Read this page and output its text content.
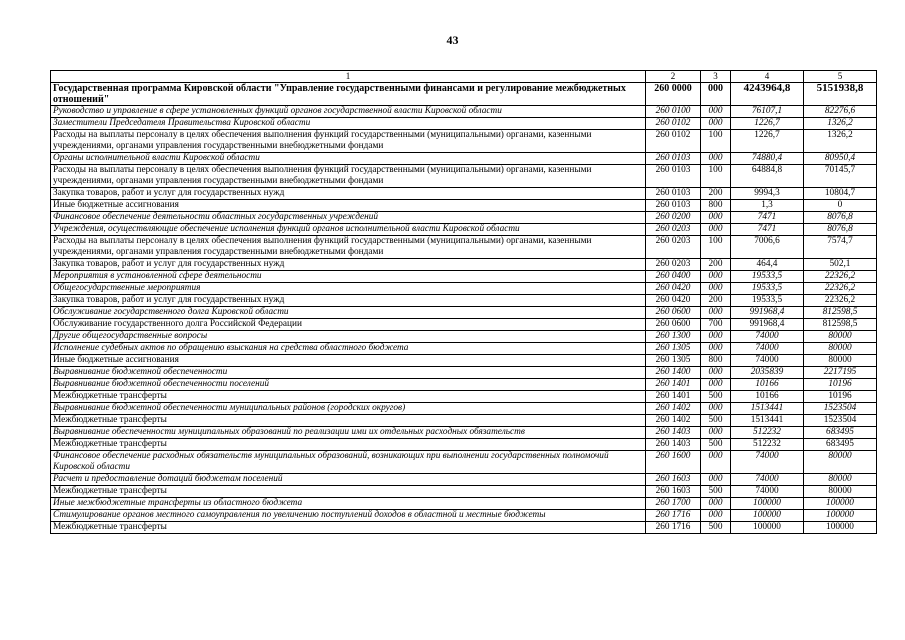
43
1	2	3	4	5
Государственная программа Кировской области "Управление государственными финансами и регулирование межбюджетных отношений"	260 0000	000	4243964,8	5151938,8
Руководство и управление в сфере установленных функций органов государственной власти Кировской области	260 0100	000	76107,1	82276,6
Заместители Председателя Правительства Кировской области	260 0102	000	1226,7	1326,2
Расходы на выплаты персоналу в целях обеспечения выполнения функций государственными (муниципальными) органами, казенными учреждениями, органами управления государственными внебюджетными фондами	260 0102	100	1226,7	1326,2
Органы исполнительной власти Кировской области	260 0103	000	74880,4	80950,4
Расходы на выплаты персоналу в целях обеспечения выполнения функций государственными (муниципальными) органами, казенными учреждениями, органами управления государственными внебюджетными фондами	260 0103	100	64884,8	70145,7
Закупка товаров, работ и услуг для государственных нужд	260 0103	200	9994,3	10804,7
Иные бюджетные ассигнования	260 0103	800	1,3	0
Финансовое обеспечение деятельности областных государственных учреждений	260 0200	000	7471	8076,8
Учреждения, осуществляющие обеспечение исполнения функций органов исполнительной власти Кировской области	260 0203	000	7471	8076,8
Расходы на выплаты персоналу в целях обеспечения выполнения функций государственными (муниципальными) органами, казенными учреждениями, органами управления государственными внебюджетными фондами	260 0203	100	7006,6	7574,7
Закупка товаров, работ и услуг для государственных нужд	260 0203	200	464,4	502,1
Мероприятия в установленной сфере деятельности	260 0400	000	19533,5	22326,2
Общегосударственные мероприятия	260 0420	000	19533,5	22326,2
Закупка товаров, работ и услуг для государственных нужд	260 0420	200	19533,5	22326,2
Обслуживание государственного долга Кировской области	260 0600	000	991968,4	812598,5
Обслуживание государственного долга Российской Федерации	260 0600	700	991968,4	812598,5
Другие общегосударственные вопросы	260 1300	000	74000	80000
Исполнение судебных актов по обращению взыскания на средства областного бюджета	260 1305	000	74000	80000
Иные бюджетные ассигнования	260 1305	800	74000	80000
Выравнивание бюджетной обеспеченности	260 1400	000	2035839	2217195
Выравнивание бюджетной обеспеченности поселений	260 1401	000	10166	10196
Межбюджетные трансферты	260 1401	500	10166	10196
Выравнивание бюджетной обеспеченности муниципальных районов (городских округов)	260 1402	000	1513441	1523504
Межбюджетные трансферты	260 1402	500	1513441	1523504
Выравнивание обеспеченности муниципальных образований по реализации ими их отдельных расходных обязательств	260 1403	000	512232	683495
Межбюджетные трансферты	260 1403	500	512232	683495
Финансовое обеспечение расходных обязательств муниципальных образований, возникающих при выполнении государственных полномочий Кировской области	260 1600	000	74000	80000
Расчет и предоставление дотаций бюджетам поселений	260 1603	000	74000	80000
Межбюджетные трансферты	260 1603	500	74000	80000
Иные межбюджетные трансферты из областного бюджета	260 1700	000	100000	100000
Стимулирование органов местного самоуправления по увеличению поступлений доходов в областной и местные бюджеты	260 1716	000	100000	100000
Межбюджетные трансферты	260 1716	500	100000	100000
